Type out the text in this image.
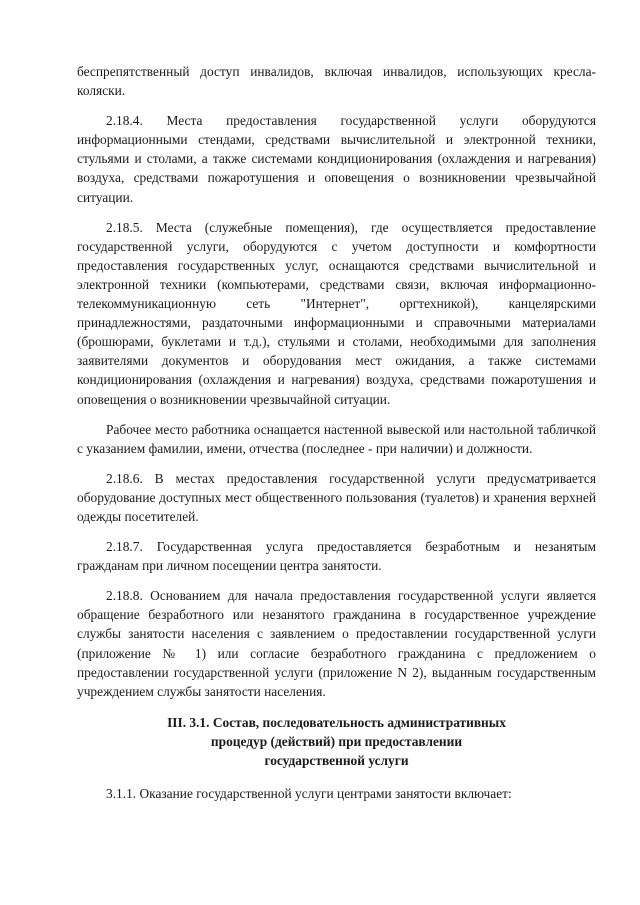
беспрепятственный доступ инвалидов, включая инвалидов, использующих кресла-коляски.

2.18.4. Места предоставления государственной услуги оборудуются информационными стендами, средствами вычислительной и электронной техники, стульями и столами, а также системами кондиционирования (охлаждения и нагревания) воздуха, средствами пожаротушения и оповещения о возникновении чрезвычайной ситуации.

2.18.5. Места (служебные помещения), где осуществляется предоставление государственной услуги, оборудуются с учетом доступности и комфортности предоставления государственных услуг, оснащаются средствами вычислительной и электронной техники (компьютерами, средствами связи, включая информационно-телекоммуникационную сеть "Интернет", оргтехникой), канцелярскими принадлежностями, раздаточными информационными и справочными материалами (брошюрами, буклетами и т.д.), стульями и столами, необходимыми для заполнения заявителями документов и оборудования мест ожидания, а также системами кондиционирования (охлаждения и нагревания) воздуха, средствами пожаротушения и оповещения о возникновении чрезвычайной ситуации.

Рабочее место работника оснащается настенной вывеской или настольной табличкой с указанием фамилии, имени, отчества (последнее - при наличии) и должности.

2.18.6. В местах предоставления государственной услуги предусматривается оборудование доступных мест общественного пользования (туалетов) и хранения верхней одежды посетителей.

2.18.7. Государственная услуга предоставляется безработным и незанятым гражданам при личном посещении центра занятости.

2.18.8. Основанием для начала предоставления государственной услуги является обращение безработного или незанятого гражданина в государственное учреждение службы занятости населения с заявлением о предоставлении государственной услуги (приложение № 1) или согласие безработного гражданина с предложением о предоставлении государственной услуги (приложение N 2), выданным государственным учреждением службы занятости населения.

III. 3.1. Состав, последовательность административных
процедур (действий) при предоставлении
государственной услуги

3.1.1. Оказание государственной услуги центрами занятости включает:
